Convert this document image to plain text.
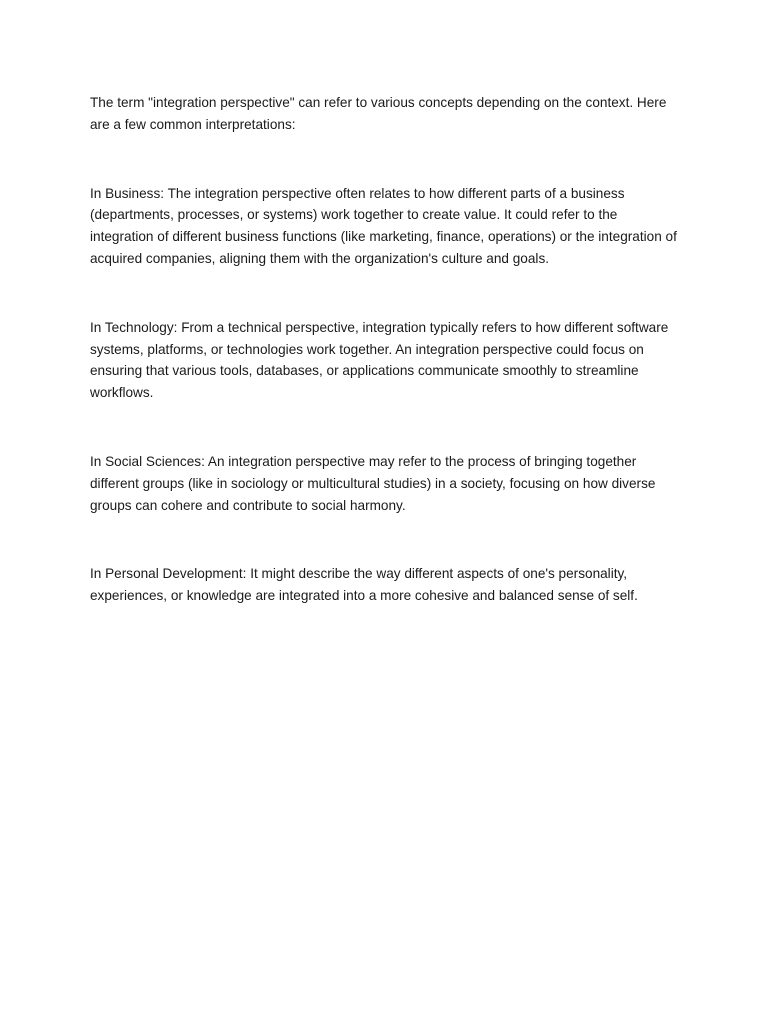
The term "integration perspective" can refer to various concepts depending on the context. Here are a few common interpretations:

In Business: The integration perspective often relates to how different parts of a business (departments, processes, or systems) work together to create value. It could refer to the integration of different business functions (like marketing, finance, operations) or the integration of acquired companies, aligning them with the organization's culture and goals.

In Technology: From a technical perspective, integration typically refers to how different software systems, platforms, or technologies work together. An integration perspective could focus on ensuring that various tools, databases, or applications communicate smoothly to streamline workflows.

In Social Sciences: An integration perspective may refer to the process of bringing together different groups (like in sociology or multicultural studies) in a society, focusing on how diverse groups can cohere and contribute to social harmony.

In Personal Development: It might describe the way different aspects of one's personality, experiences, or knowledge are integrated into a more cohesive and balanced sense of self.
